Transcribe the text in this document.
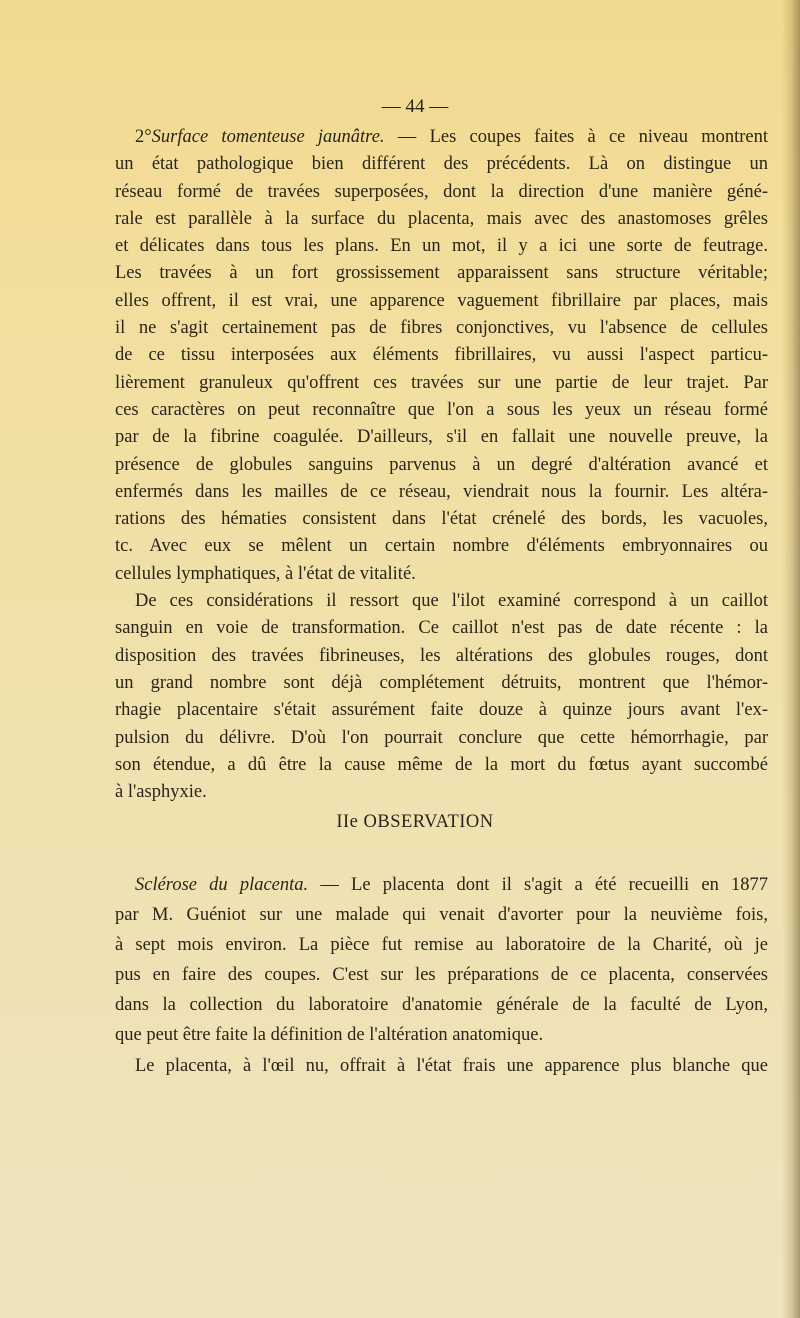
— 44 —
2°Surface tomenteuse jaunâtre. — Les coupes faites à ce niveau montrent
un état pathologique bien différent des précédents. Là on distingue un
réseau formé de travées superposées, dont la direction d'une manière géné-
rale est parallèle à la surface du placenta, mais avec des anastomoses grêles
et délicates dans tous les plans. En un mot, il y a ici une sorte de feutrage.
Les travées à un fort grossissement apparaissent sans structure véritable;
elles offrent, il est vrai, une apparence vaguement fibrillaire par places, mais
il ne s'agit certainement pas de fibres conjonctives, vu l'absence de cellules
de ce tissu interposées aux éléments fibrillaires, vu aussi l'aspect particu-
lièrement granuleux qu'offrent ces travées sur une partie de leur trajet. Par
ces caractères on peut reconnaître que l'on a sous les yeux un réseau formé
par de la fibrine coagulée. D'ailleurs, s'il en fallait une nouvelle preuve, la
présence de globules sanguins parvenus à un degré d'altération avancé et
enfermés dans les mailles de ce réseau, viendrait nous la fournir. Les altéra-
rations des hématies consistent dans l'état crénelé des bords, les vacuoles,
tc. Avec eux se mêlent un certain nombre d'éléments embryonnaires ou
cellules lymphatiques, à l'état de vitalité.
De ces considérations il ressort que l'ilot examiné correspond à un caillot
sanguin en voie de transformation. Ce caillot n'est pas de date récente : la
disposition des travées fibrineuses, les altérations des globules rouges, dont
un grand nombre sont déjà complétement détruits, montrent que l'hémor-
rhagie placentaire s'était assurément faite douze à quinze jours avant l'ex-
pulsion du délivre. D'où l'on pourrait conclure que cette hémorrhagie, par
son étendue, a dû être la cause même de la mort du fœtus ayant succombé
à l'asphyxie.
IIe OBSERVATION
Sclérose du placenta. — Le placenta dont il s'agit a été recueilli en 1877
par M. Guéniot sur une malade qui venait d'avorter pour la neuvième fois,
à sept mois environ. La pièce fut remise au laboratoire de la Charité, où je
pus en faire des coupes. C'est sur les préparations de ce placenta, conservées
dans la collection du laboratoire d'anatomie générale de la faculté de Lyon,
que peut être faite la définition de l'altération anatomique.
Le placenta, à l'œil nu, offrait à l'état frais une apparence plus blanche que
